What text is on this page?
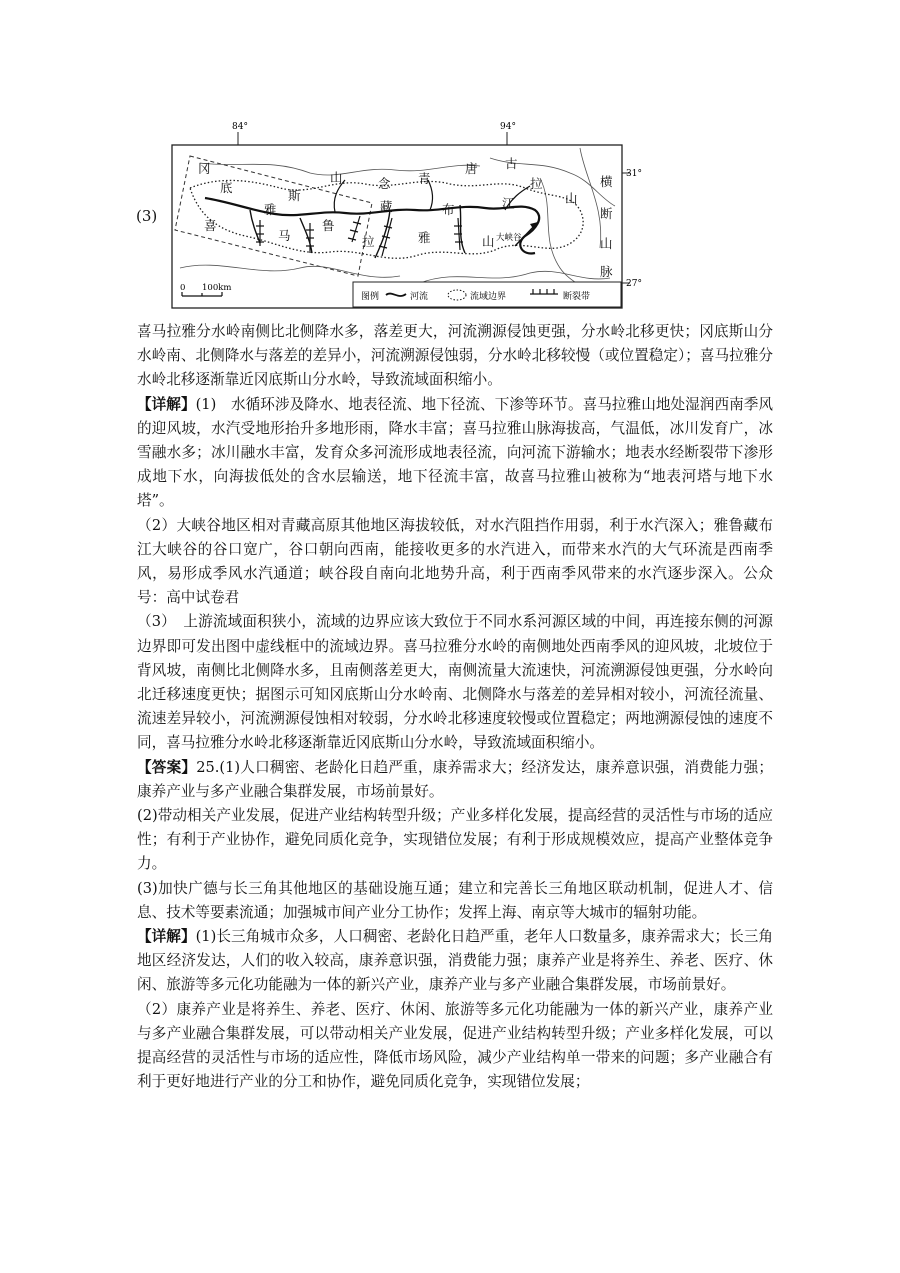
(3)
84°	94°
31°
27°
冈
底
斯
山	念 青
唐 古
拉
山
横
断
山
脉
雅
鲁
藏	布	江
喜
马	拉	雅	山 大峡谷
0 100km
图例	河流	流域边界	断裂带

喜马拉雅分水岭南侧比北侧降水多，落差更大，河流溯源侵蚀更强，分水岭北移更快；冈底斯山分水岭南、北侧降水与落差的差异小，河流溯源侵蚀弱，分水岭北移较慢（或位置稳定）；喜马拉雅分水岭北移逐渐靠近冈底斯山分水岭，导致流域面积缩小。

【详解】(1)　水循环涉及降水、地表径流、地下径流、下渗等环节。喜马拉雅山地处湿润西南季风的迎风坡，水汽受地形抬升多地形雨，降水丰富；喜马拉雅山脉海拔高，气温低，冰川发育广，冰雪融水多；冰川融水丰富，发育众多河流形成地表径流，向河流下游输水；地表水经断裂带下渗形成地下水，向海拔低处的含水层输送，地下径流丰富，故喜马拉雅山被称为“地表河塔与地下水塔”。

（2）大峡谷地区相对青藏高原其他地区海拔较低，对水汽阻挡作用弱，利于水汽深入；雅鲁藏布江大峡谷的谷口宽广，谷口朝向西南，能接收更多的水汽进入，而带来水汽的大气环流是西南季风，易形成季风水汽通道；峡谷段自南向北地势升高，利于西南季风带来的水汽逐步深入。公众号：高中试卷君

（3）　上游流域面积狭小，流域的边界应该大致位于不同水系河源区域的中间，再连接东侧的河源边界即可发出图中虚线框中的流域边界。喜马拉雅分水岭的南侧地处西南季风的迎风坡，北坡位于背风坡，南侧比北侧降水多，且南侧落差更大，南侧流量大流速快，河流溯源侵蚀更强，分水岭向北迁移速度更快；据图示可知冈底斯山分水岭南、北侧降水与落差的差异相对较小，河流径流量、流速差异较小，河流溯源侵蚀相对较弱，分水岭北移速度较慢或位置稳定；两地溯源侵蚀的速度不同，喜马拉雅分水岭北移逐渐靠近冈底斯山分水岭，导致流域面积缩小。

【答案】25.(1)人口稠密、老龄化日趋严重，康养需求大；经济发达，康养意识强，消费能力强；康养产业与多产业融合集群发展，市场前景好。

(2)带动相关产业发展，促进产业结构转型升级；产业多样化发展，提高经营的灵活性与市场的适应性；有利于产业协作，避免同质化竞争，实现错位发展；有利于形成规模效应，提高产业整体竞争力。

(3)加快广德与长三角其他地区的基础设施互通；建立和完善长三角地区联动机制，促进人才、信息、技术等要素流通；加强城市间产业分工协作；发挥上海、南京等大城市的辐射功能。

【详解】(1)长三角城市众多，人口稠密、老龄化日趋严重，老年人口数量多，康养需求大；长三角地区经济发达，人们的收入较高，康养意识强，消费能力强；康养产业是将养生、养老、医疗、休闲、旅游等多元化功能融为一体的新兴产业，康养产业与多产业融合集群发展，市场前景好。

（2）康养产业是将养生、养老、医疗、休闲、旅游等多元化功能融为一体的新兴产业，康养产业与多产业融合集群发展，可以带动相关产业发展，促进产业结构转型升级；产业多样化发展，可以提高经营的灵活性与市场的适应性，降低市场风险，减少产业结构单一带来的问题；多产业融合有利于更好地进行产业的分工和协作，避免同质化竞争，实现错位发展；
